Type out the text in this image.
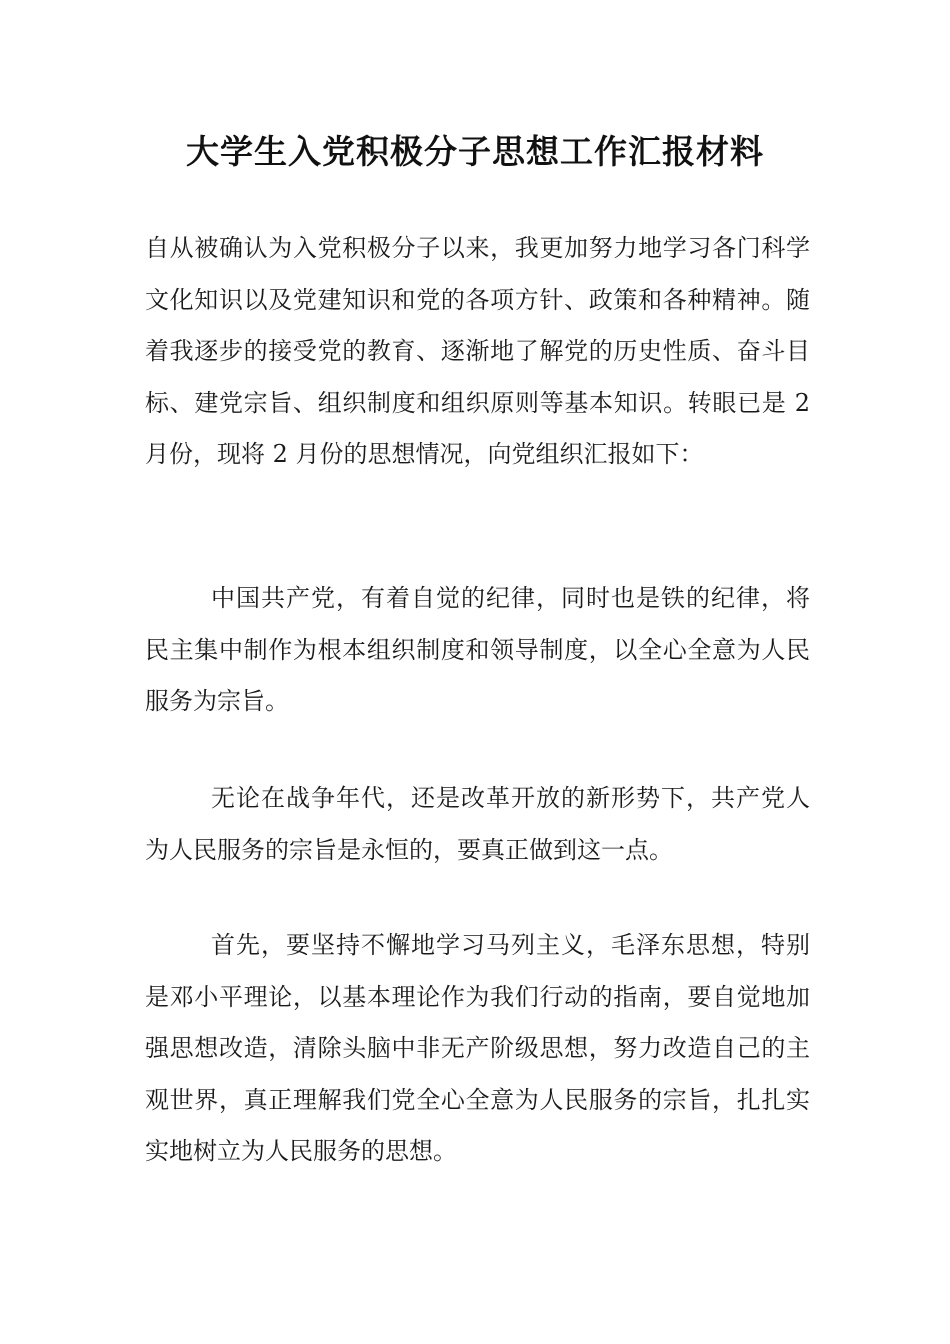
大学生入党积极分子思想工作汇报材料

自从被确认为入党积极分子以来，我更加努力地学习各门科学文化知识以及党建知识和党的各项方针、政策和各种精神。随着我逐步的接受党的教育、逐渐地了解党的历史性质、奋斗目标、建党宗旨、组织制度和组织原则等基本知识。转眼已是 2 月份，现将 2 月份的思想情况，向党组织汇报如下：

中国共产党，有着自觉的纪律，同时也是铁的纪律，将民主集中制作为根本组织制度和领导制度，以全心全意为人民服务为宗旨。

无论在战争年代，还是改革开放的新形势下，共产党人为人民服务的宗旨是永恒的，要真正做到这一点。

首先，要坚持不懈地学习马列主义，毛泽东思想，特别是邓小平理论，以基本理论作为我们行动的指南，要自觉地加强思想改造，清除头脑中非无产阶级思想，努力改造自己的主观世界，真正理解我们党全心全意为人民服务的宗旨，扎扎实实地树立为人民服务的思想。
